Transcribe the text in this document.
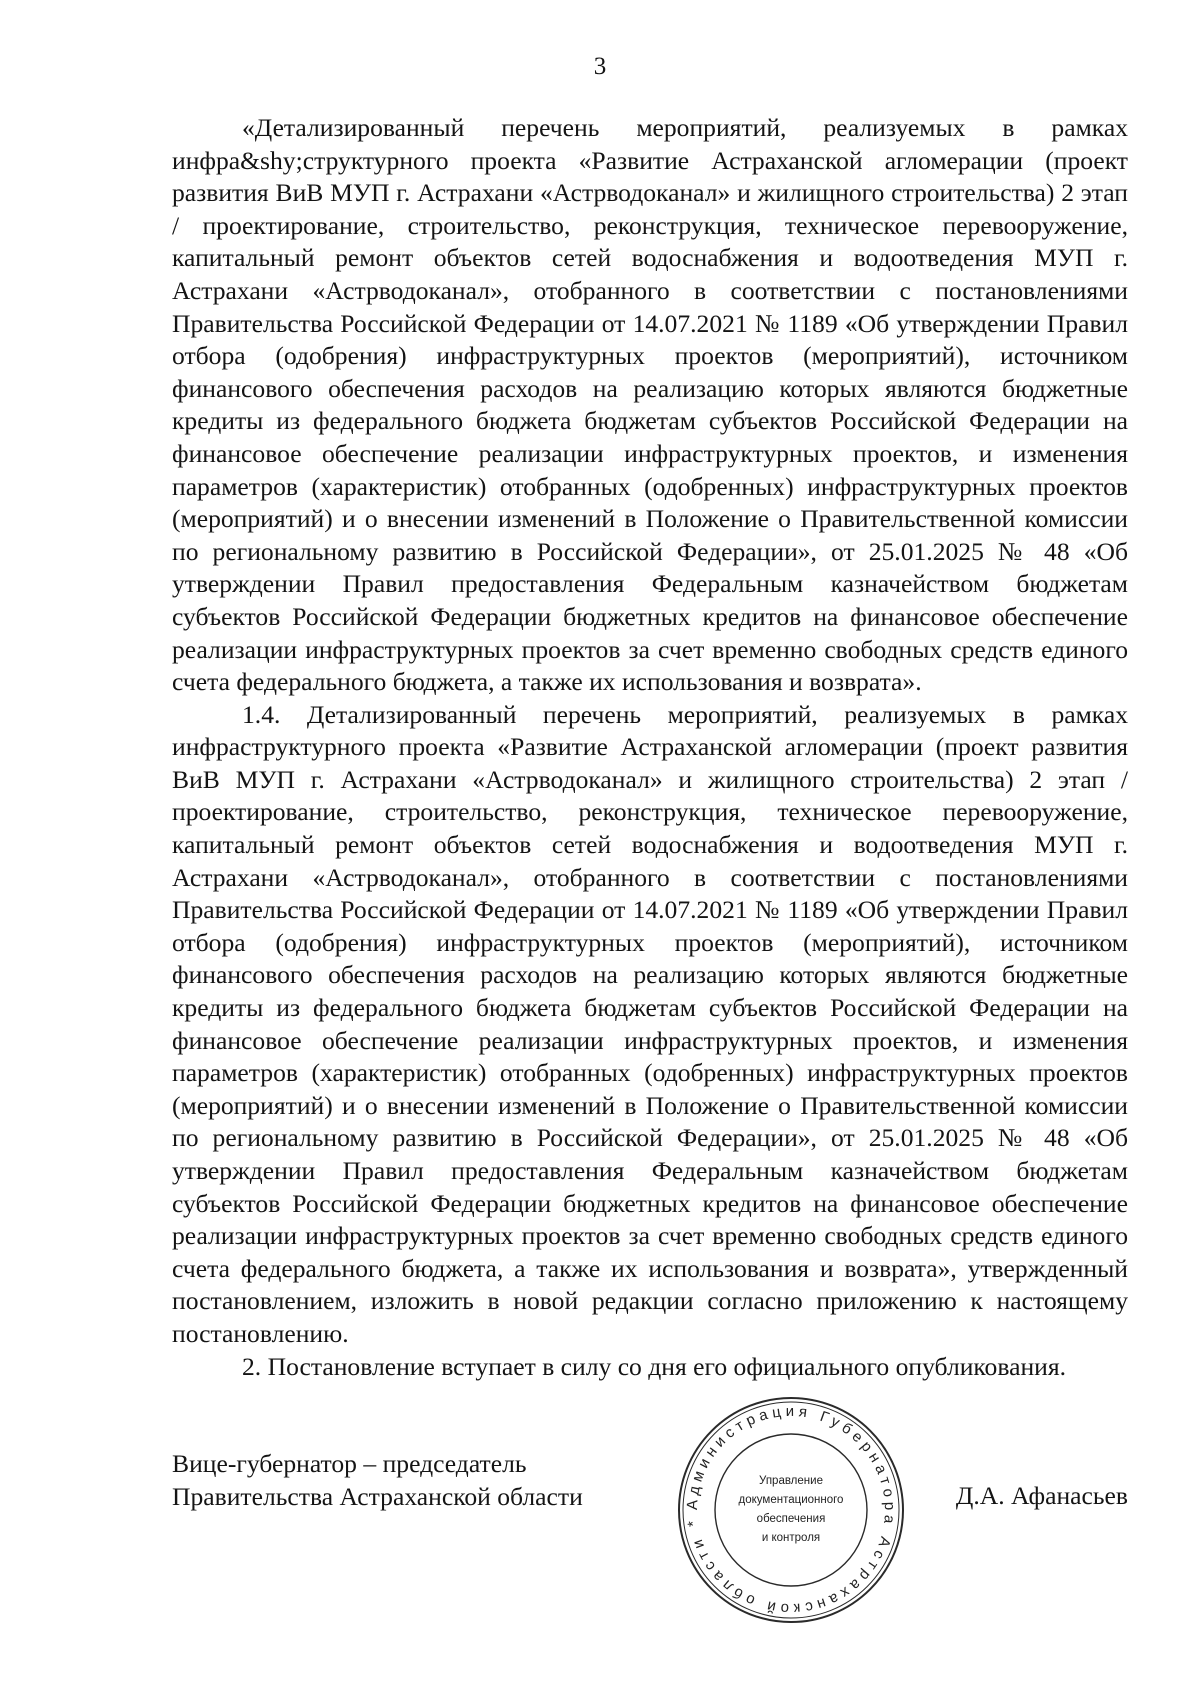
3

«Детализированный перечень мероприятий, реализуемых в рамках инфра&shy;структурного проекта «Развитие Астраханской агломерации (проект развития ВиВ МУП г. Астрахани «Астрводоканал» и жилищного строительства) 2 этап / проектирование, строительство, реконструкция, техническое перевооружение, капитальный ремонт объектов сетей водоснабжения и водоотведения МУП г. Астрахани «Астрводоканал», отобранного в соответствии с постановлениями Правительства Российской Федерации от 14.07.2021 № 1189 «Об утверждении Правил отбора (одобрения) инфраструктурных проектов (мероприятий), источником финансового обеспечения расходов на реализацию которых являются бюджетные кредиты из федерального бюджета бюджетам субъектов Российской Федерации на финансовое обеспечение реализации инфраструктурных проектов, и изменения параметров (характеристик) отобранных (одобренных) инфраструктурных проектов (мероприятий) и о внесении изменений в Положение о Правительственной комиссии по региональному развитию в Российской Федерации», от 25.01.2025 № 48 «Об утверждении Правил предоставления Федеральным казначейством бюджетам субъектов Российской Федерации бюджетных кредитов на финансовое обеспечение реализации инфраструктурных проектов за счет временно свободных средств единого счета федерального бюджета, а также их использования и возврата».

1.4. Детализированный перечень мероприятий, реализуемых в рамках инфраструктурного проекта «Развитие Астраханской агломерации (проект развития ВиВ МУП г. Астрахани «Астрводоканал» и жилищного строительства) 2 этап / проектирование, строительство, реконструкция, техническое перевооружение, капитальный ремонт объектов сетей водоснабжения и водоотведения МУП г. Астрахани «Астрводоканал», отобранного в соответствии с постановлениями Правительства Российской Федерации от 14.07.2021 № 1189 «Об утверждении Правил отбора (одобрения) инфраструктурных проектов (мероприятий), источником финансового обеспечения расходов на реализацию которых являются бюджетные кредиты из федерального бюджета бюджетам субъектов Российской Федерации на финансовое обеспечение реализации инфраструктурных проектов, и изменения параметров (характеристик) отобранных (одобренных) инфраструктурных проектов (мероприятий) и о внесении изменений в Положение о Правительственной комиссии по региональному развитию в Российской Федерации», от 25.01.2025 № 48 «Об утверждении Правил предоставления Федеральным казначейством бюджетам субъектов Российской Федерации бюджетных кредитов на финансовое обеспечение реализации инфраструктурных проектов за счет временно свободных средств единого счета федерального бюджета, а также их использования и возврата», утвержденный постановлением, изложить в новой редакции согласно приложению к настоящему постановлению.

2. Постановление вступает в силу со дня его официального опубликования.

Вице-губернатор – председатель
Правительства Астраханской области	Д.А. Афанасьев
Администрация Губернатора Астраханской области *
Управление
документационного
обеспечения
и контроля
